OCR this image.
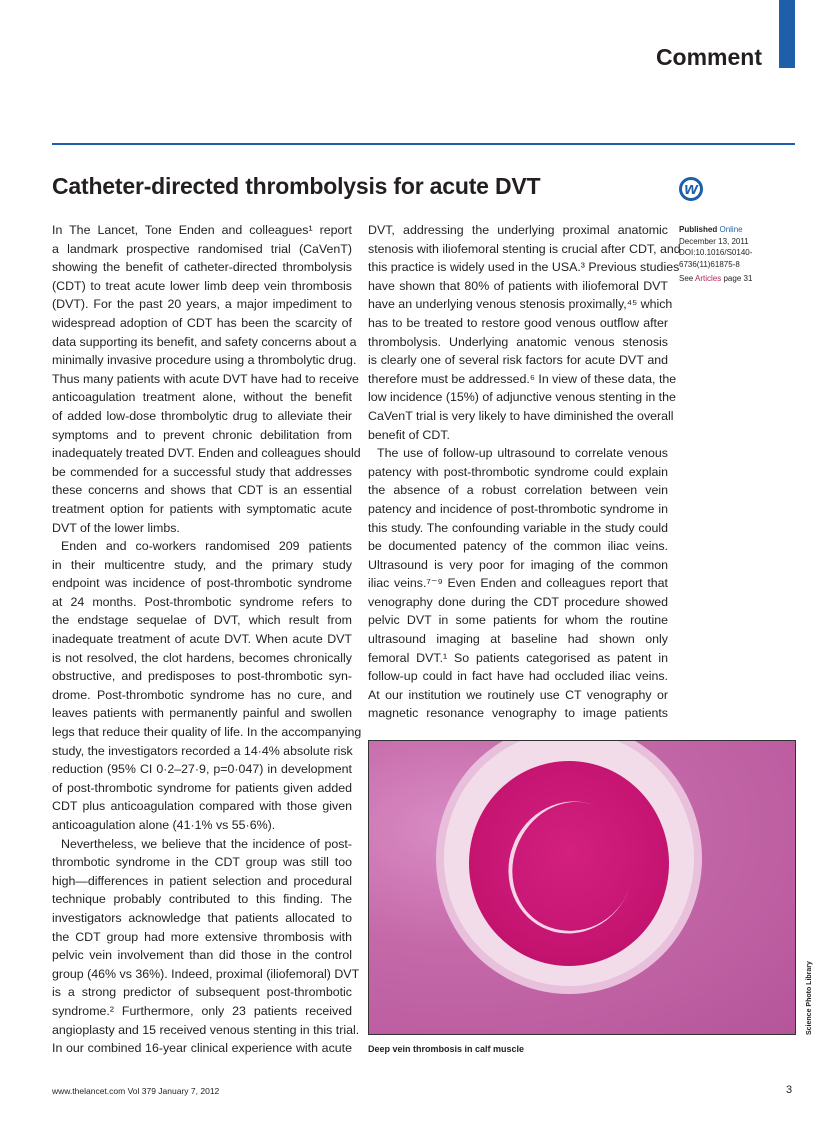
Comment
Catheter-directed thrombolysis for acute DVT	w
In The Lancet, Tone Enden and colleagues¹ report
a landmark prospective randomised trial (CaVenT)
showing the benefit of catheter-directed thrombolysis
(CDT) to treat acute lower limb deep vein thrombosis
(DVT). For the past 20 years, a major impediment to
widespread adoption of CDT has been the scarcity of
data supporting its benefit, and safety concerns about a
minimally invasive procedure using a thrombolytic drug.
Thus many patients with acute DVT have had to receive
anticoagulation treatment alone, without the benefit
of added low-dose thrombolytic drug to alleviate their
symptoms and to prevent chronic debilitation from
inadequately treated DVT. Enden and colleagues should
be commended for a successful study that addresses
these concerns and shows that CDT is an essential
treatment option for patients with symptomatic acute
DVT of the lower limbs.
Enden and co-workers randomised 209 patients
in their multicentre study, and the primary study
endpoint was incidence of post-thrombotic syndrome
at 24 months. Post-thrombotic syndrome refers to
the endstage sequelae of DVT, which result from
inadequate treatment of acute DVT. When acute DVT
is not resolved, the clot hardens, becomes chronically
obstructive, and predisposes to post-thrombotic syn-
drome. Post-thrombotic syndrome has no cure, and
leaves patients with permanently painful and swollen
legs that reduce their quality of life. In the accompanying
study, the investigators recorded a 14·4% absolute risk
reduction (95% CI 0·2–27·9, p=0·047) in development
of post-thrombotic syndrome for patients given added
CDT plus anticoagulation compared with those given
anticoagulation alone (41·1% vs 55·6%).
Nevertheless, we believe that the incidence of post-
thrombotic syndrome in the CDT group was still too
high—differences in patient selection and procedural
technique probably contributed to this finding. The
investigators acknowledge that patients allocated to
the CDT group had more extensive thrombosis with
pelvic vein involvement than did those in the control
group (46% vs 36%). Indeed, proximal (iliofemoral) DVT
is a strong predictor of subsequent post-thrombotic
syndrome.² Furthermore, only 23 patients received
angioplasty and 15 received venous stenting in this trial.
In our combined 16-year clinical experience with acute
DVT, addressing the underlying proximal anatomic
stenosis with iliofemoral stenting is crucial after CDT, and
this practice is widely used in the USA.³ Previous studies
have shown that 80% of patients with iliofemoral DVT
have an underlying venous stenosis proximally,⁴⁵ which
has to be treated to restore good venous outflow after
thrombolysis. Underlying anatomic venous stenosis
is clearly one of several risk factors for acute DVT and
therefore must be addressed.⁶ In view of these data, the
low incidence (15%) of adjunctive venous stenting in the
CaVenT trial is very likely to have diminished the overall
benefit of CDT.
The use of follow-up ultrasound to correlate venous
patency with post-thrombotic syndrome could explain
the absence of a robust correlation between vein
patency and incidence of post-thrombotic syndrome in
this study. The confounding variable in the study could
be documented patency of the common iliac veins.
Ultrasound is very poor for imaging of the common
iliac veins.⁷⁻⁹ Even Enden and colleagues report that
venography done during the CDT procedure showed
pelvic DVT in some patients for whom the routine
ultrasound imaging at baseline had shown only
femoral DVT.¹ So patients categorised as patent in
follow-up could in fact have had occluded iliac veins.
At our institution we routinely use CT venography or
magnetic resonance venography to image patients
Published Online
December 13, 2011
DOI:10.1016/S0140-
6736(11)61875-8
See Articles page 31
Science Photo Library
Deep vein thrombosis in calf muscle
www.thelancet.com Vol 379 January 7, 2012	3
